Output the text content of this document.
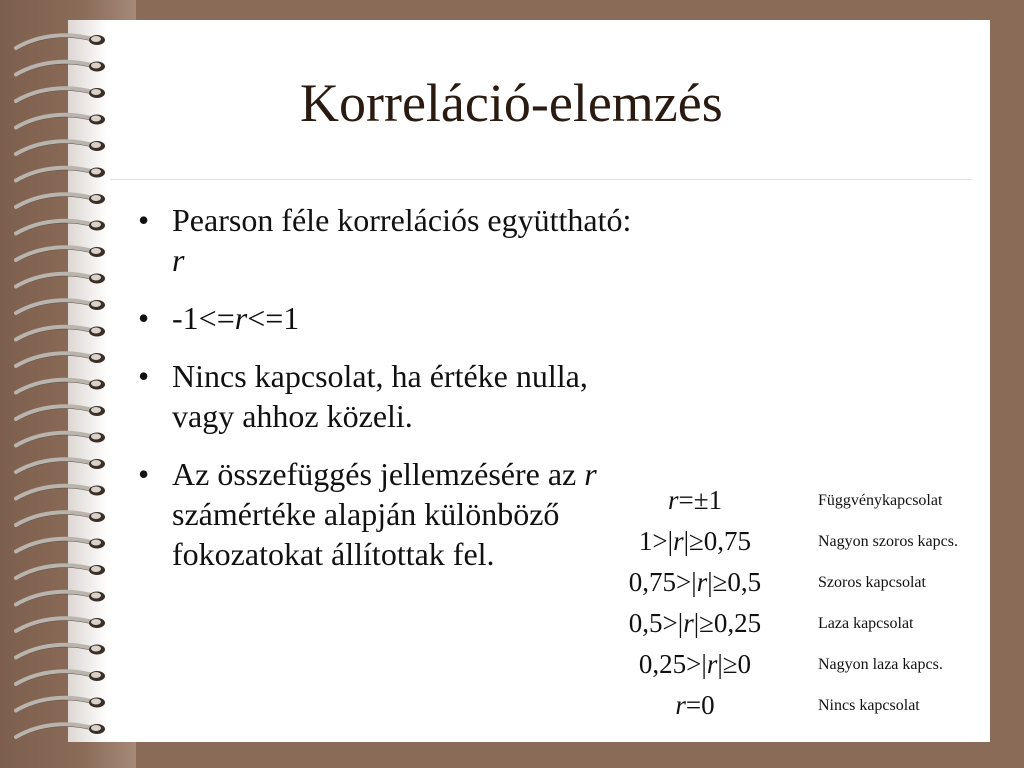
Korreláció-elemzés
• Pearson féle korrelációs együttható: r
• -1<=r<=1
• Nincs kapcsolat, ha értéke nulla, vagy ahhoz közeli.
• Az összefüggés jellemzésére az r számértéke alapján különböző fokozatokat állítottak fel.
r=±1	Függvénykapcsolat
1>|r|≥0,75	Nagyon szoros kapcs.
0,75>|r|≥0,5	Szoros kapcsolat
0,5>|r|≥0,25	Laza kapcsolat
0,25>|r|≥0	Nagyon laza kapcs.
r=0	Nincs kapcsolat
